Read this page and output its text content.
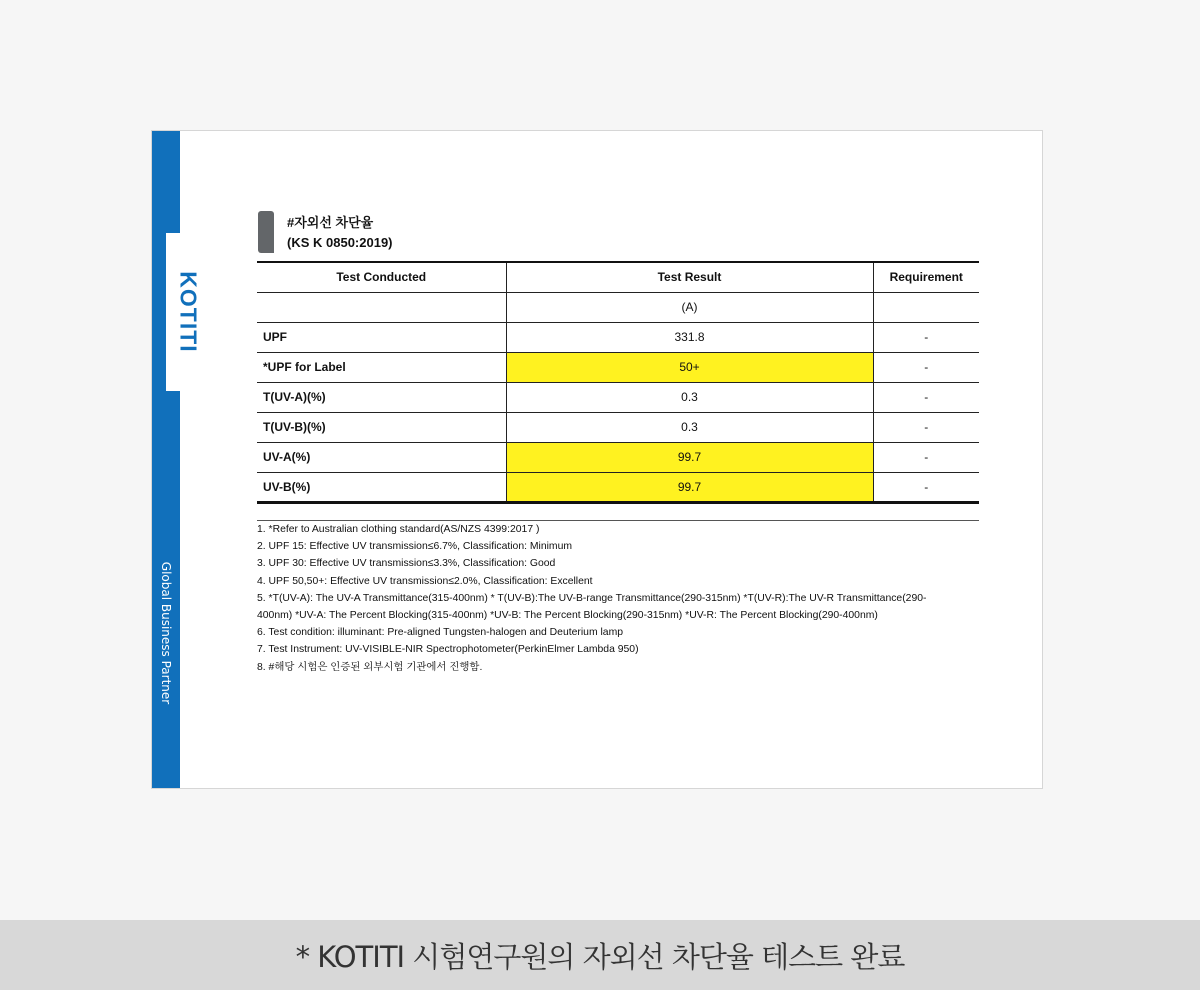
KOTITI
Global Business Partner
#자외선 차단율
(KS K 0850:2019)
Test Conducted	Test Result	Requirement
	(A)	
UPF	331.8	-
*UPF for Label	50+	-
T(UV-A)(%)	0.3	-
T(UV-B)(%)	0.3	-
UV-A(%)	99.7	-
UV-B(%)	99.7	-

1. *Refer to Australian clothing standard(AS/NZS 4399:2017 )

2. UPF 15: Effective UV transmission≤6.7%, Classification: Minimum

3. UPF 30: Effective UV transmission≤3.3%, Classification: Good

4. UPF 50,50+: Effective UV transmission≤2.0%, Classification: Excellent

5. *T(UV-A): The UV-A Transmittance(315-400nm) * T(UV-B):The UV-B-range Transmittance(290-315nm) *T(UV-R):The UV-R Transmittance(290-400nm) *UV-A: The Percent Blocking(315-400nm) *UV-B: The Percent Blocking(290-315nm) *UV-R: The Percent Blocking(290-400nm)

6. Test condition: illuminant: Pre-aligned Tungsten-halogen and Deuterium lamp

7. Test Instrument: UV-VISIBLE-NIR Spectrophotometer(PerkinElmer Lambda 950)

8. #해당 시험은 인증된 외부시험 기관에서 진행함.

* KOTITI 시험연구원의 자외선 차단율 테스트 완료
